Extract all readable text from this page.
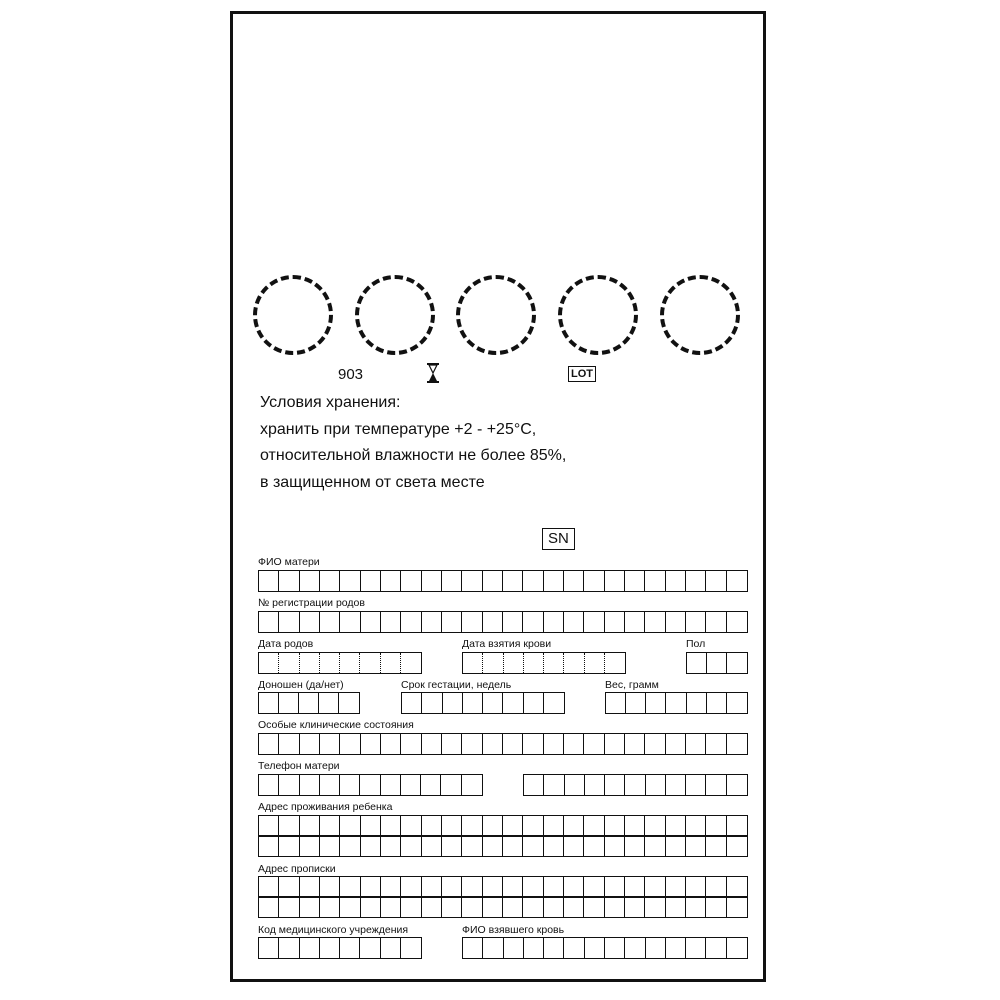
903	LOT
Условия хранения:
хранить при температуре +2 - +25°С,
относительной влажности не более 85%,
в защищенном от света месте
SN
ФИО матери
№ регистрации родов
Дата родов	Дата взятия крови	Пол
Доношен (да/нет)	Срок гестации, недель	Вес, грамм
Особые клинические состояния
Телефон матери
Адрес проживания ребенка
Адрес прописки
Код медицинского учреждения	ФИО взявшего кровь
